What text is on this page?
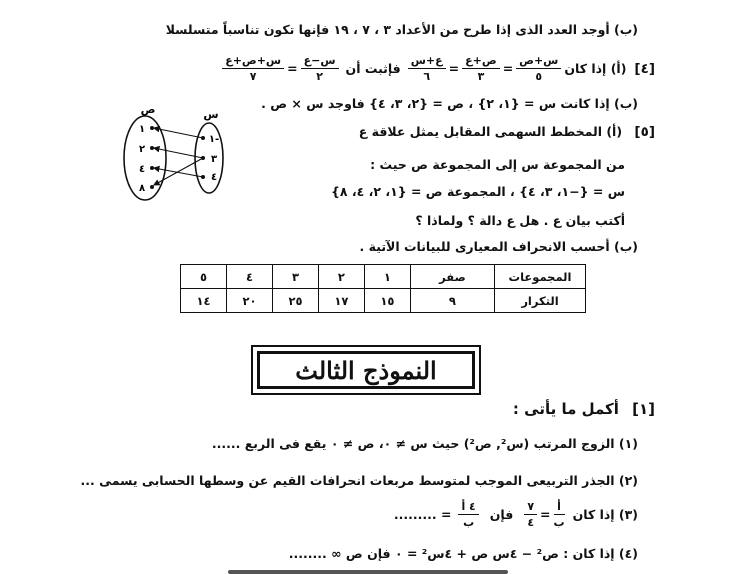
(ب) أوجد العدد الذى إذا طرح من الأعداد ٣ ، ٧ ، ١٩ فإنها تكون تناسباً متسلسلا
[٤]
(أ) إذا كان
$\frac{\text{س+ص}}{٥}$
=
$\frac{\text{ص+ع}}{٣}$
=
$\frac{\text{ع+س}}{٦}$
فإثبت أن
$\frac{\text{س−ع}}{٢}$
=
$\frac{\text{س+ص+ع}}{٧}$
(ب) إذا كانت س = {١، ٢} ، ص = {٢، ٣، ٤} فاوجد س × ص .
[٥] (أ) المخطط السهمى المقابل يمثل علاقة ع
من المجموعة س إلى المجموعة ص حيث :
س = {−١، ٣، ٤} ، المجموعة ص = {١، ٢، ٤، ٨}
أكتب بيان ع . هل ع دالة ؟ ولماذا ؟
(ب) أحسب الانحراف المعيارى للبيانات الآتية .
ص	س
١
٢
٤
٨
-١
٣
٤
المجموعات	صفر	١	٢	٣	٤	٥
التكرار	٩	١٥	١٧	٢٥	٢٠	١٤
النموذج الثالث
[١] أكمل ما يأتى :
(١) الزوج المرتب (س², ص²) حيث س ≠ ٠، ص ≠ ٠ يقع فى الربع ......
(٢) الجذر التربيعى الموجب لمتوسط مربعات انحرافات القيم عن وسطها الحسابى يسمى ...
(٣) إذا كان
$\frac{\text{أ}}{\text{ب}}$
=
$\frac{٧}{٤}$
فإن
$\frac{\text{٤ أ}}{\text{ب}}$
= .........
(٤) إذا كان : ص² − ٤س ص + ٤س² = ٠ فإن ص ∞ ........
